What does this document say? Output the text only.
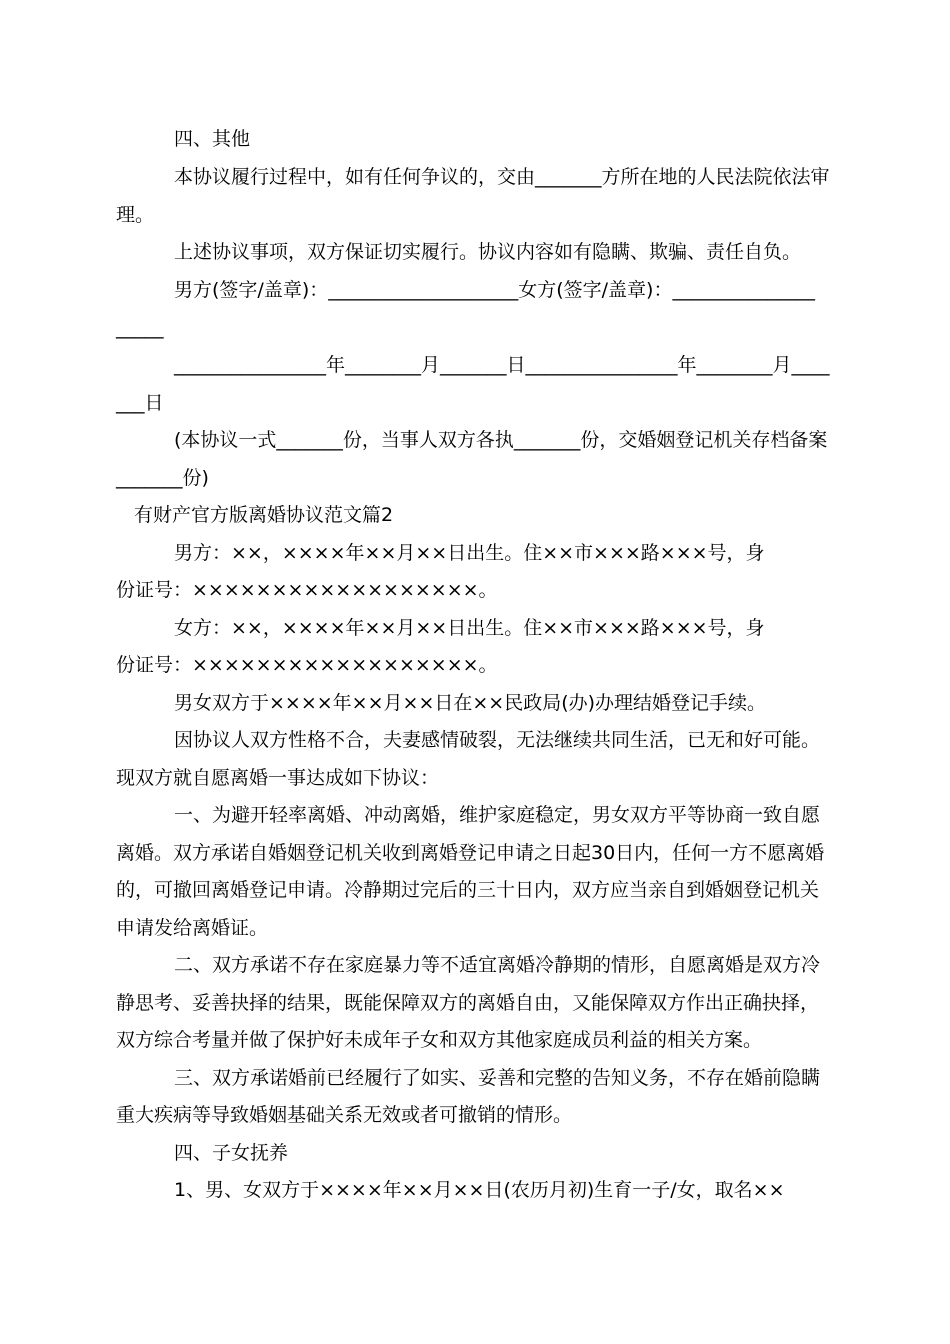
四、其他
本协议履行过程中，如有任何争议的，交由_______方所在地的人民法院依法审
理。
上述协议事项，双方保证切实履行。协议内容如有隐瞒、欺骗、责任自负。
男方(签字/盖章)：____________________女方(签字/盖章)：_______________
_____
________________年________月_______日________________年________月____
___日
(本协议一式_______份，当事人双方各执_______份，交婚姻登记机关存档备案
_______份)
有财产官方版离婚协议范文篇2
男方：××，××××年××月××日出生。住××市×××路×××号，身
份证号：××××××××××××××××××。
女方：××，××××年××月××日出生。住××市×××路×××号，身
份证号：××××××××××××××××××。
男女双方于××××年××月××日在××民政局(办)办理结婚登记手续。
因协议人双方性格不合，夫妻感情破裂，无法继续共同生活，已无和好可能。
现双方就自愿离婚一事达成如下协议：
一、为避开轻率离婚、冲动离婚，维护家庭稳定，男女双方平等协商一致自愿
离婚。双方承诺自婚姻登记机关收到离婚登记申请之日起30日内，任何一方不愿离婚
的，可撤回离婚登记申请。冷静期过完后的三十日内，双方应当亲自到婚姻登记机关
申请发给离婚证。
二、双方承诺不存在家庭暴力等不适宜离婚冷静期的情形，自愿离婚是双方冷
静思考、妥善抉择的结果，既能保障双方的离婚自由，又能保障双方作出正确抉择，
双方综合考量并做了保护好未成年子女和双方其他家庭成员利益的相关方案。
三、双方承诺婚前已经履行了如实、妥善和完整的告知义务，不存在婚前隐瞒
重大疾病等导致婚姻基础关系无效或者可撤销的情形。
四、子女抚养
1、男、女双方于××××年××月××日(农历月初)生育一子/女，取名××
